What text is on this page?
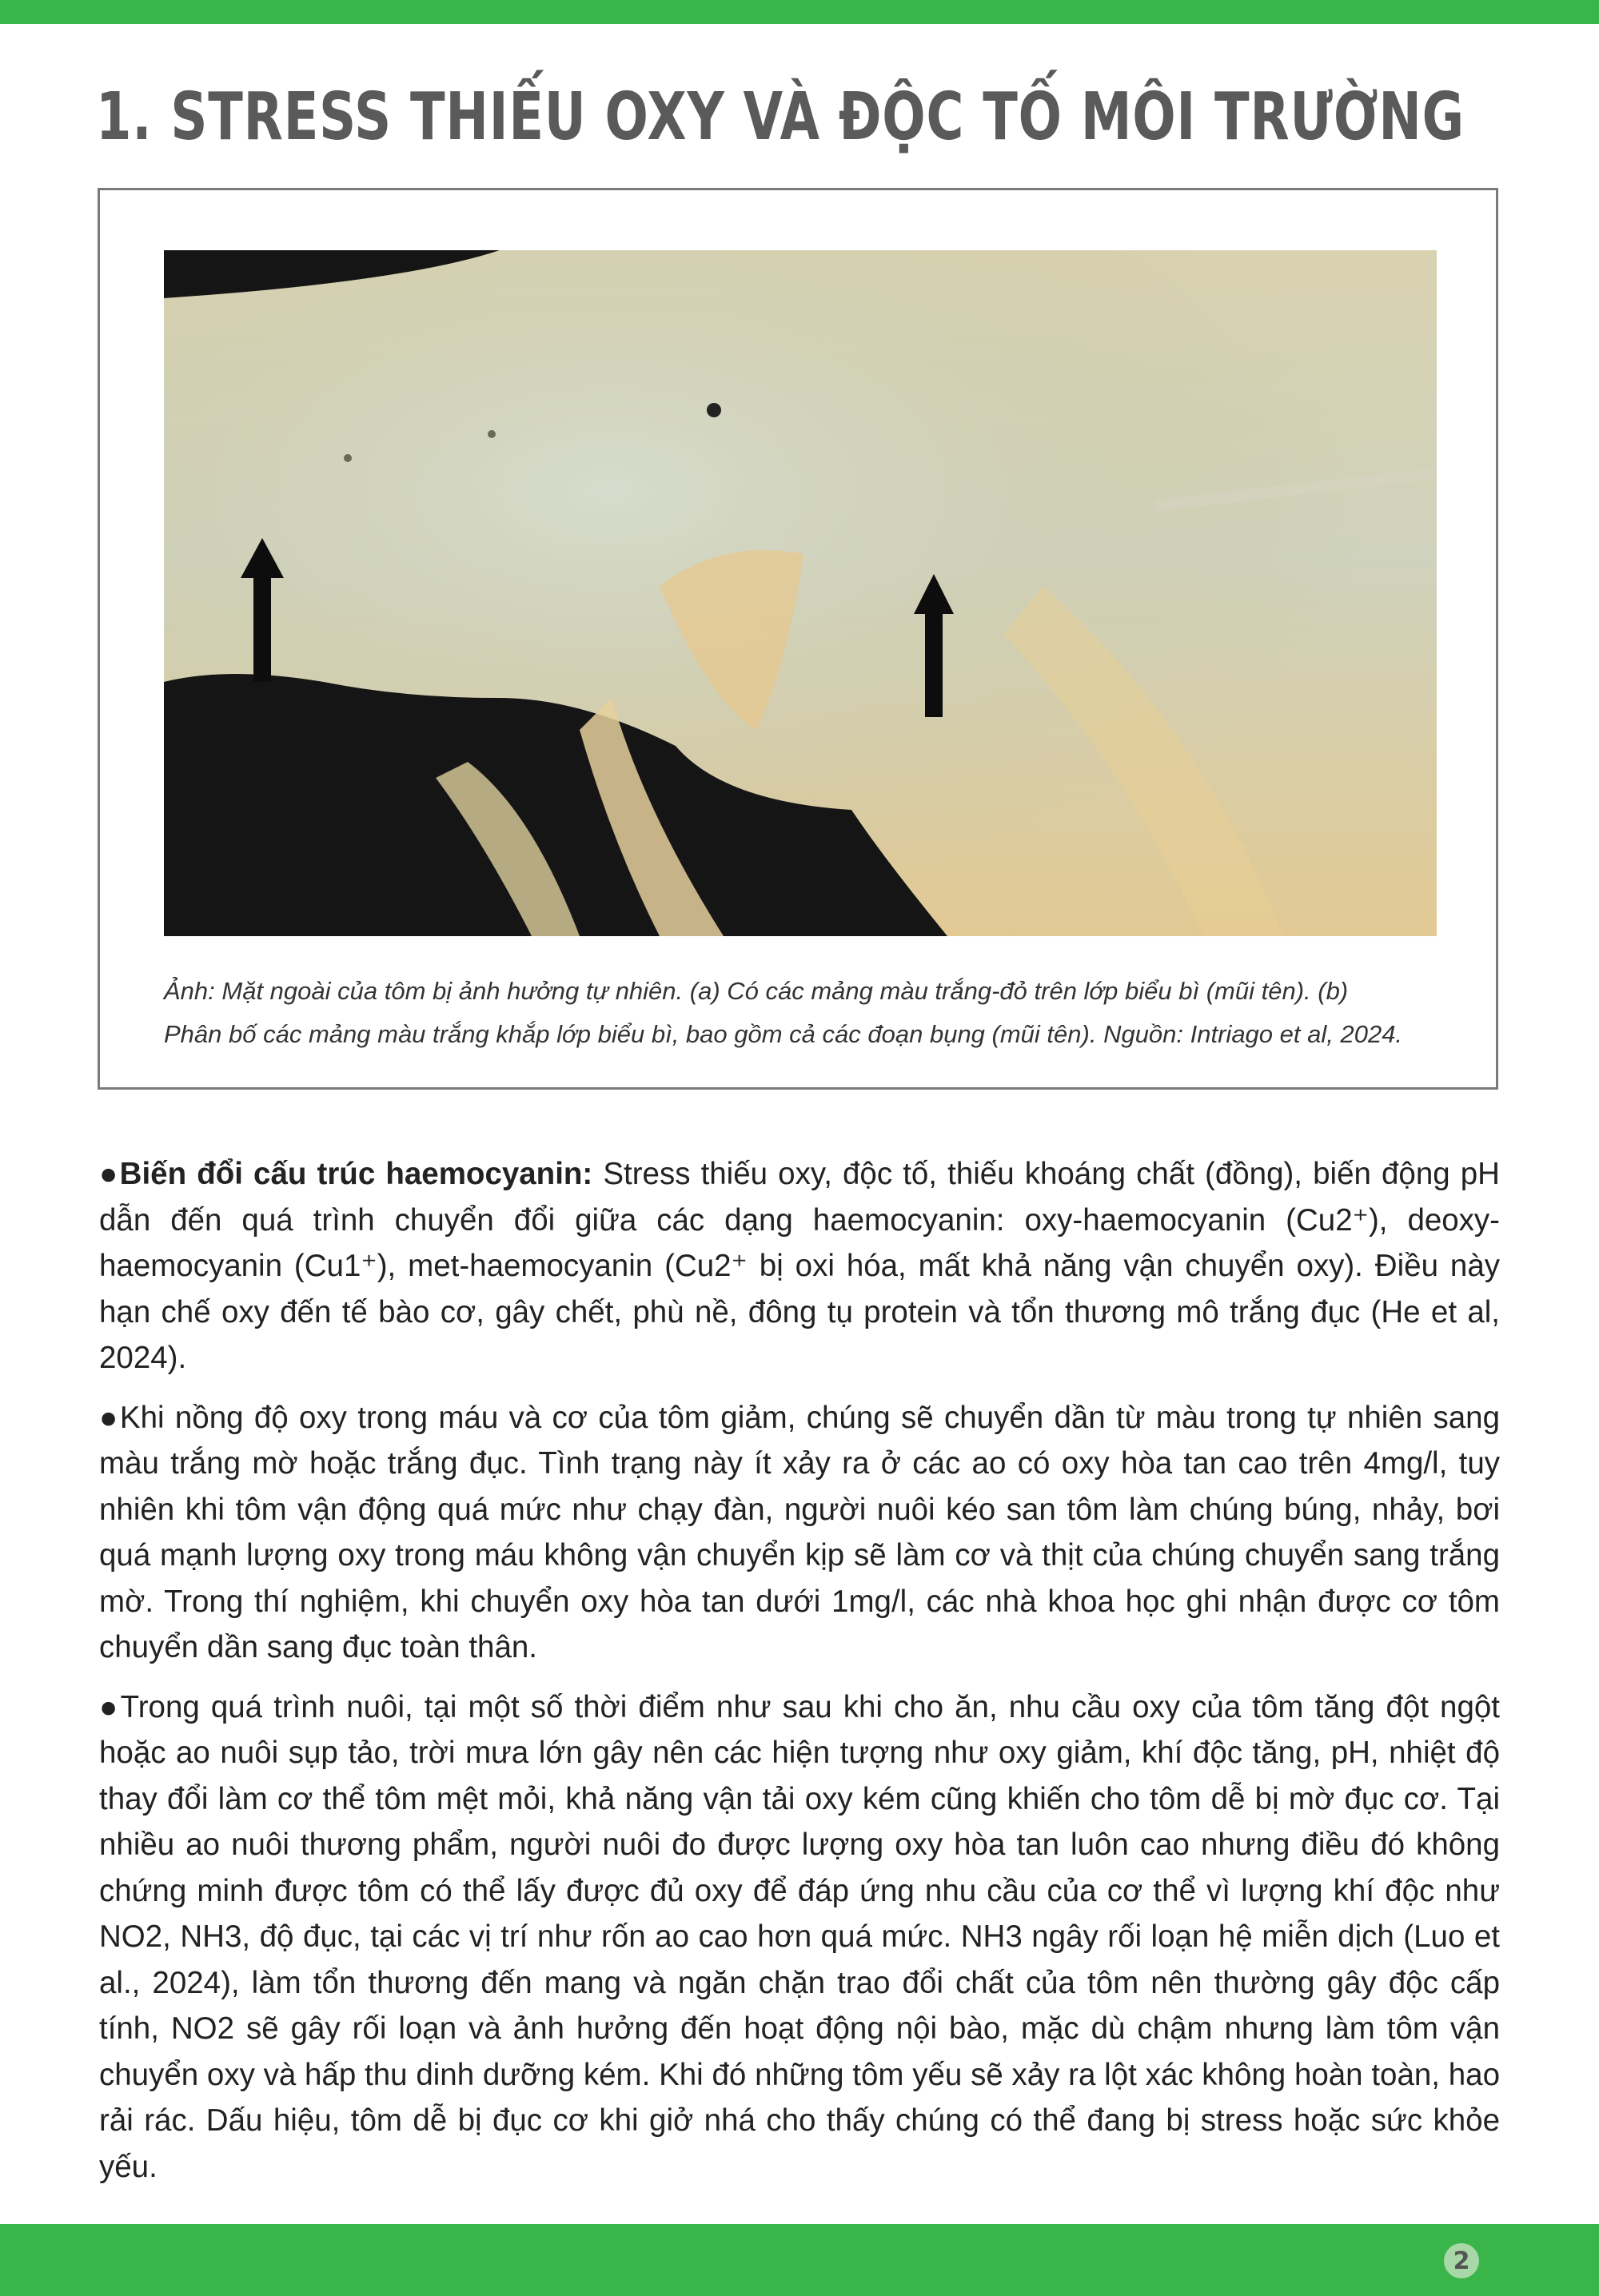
1. STRESS THIẾU OXY VÀ ĐỘC TỐ MÔI TRƯỜNG
Ảnh: Mặt ngoài của tôm bị ảnh hưởng tự nhiên. (a) Có các mảng màu trắng-đỏ trên lớp biểu bì (mũi tên). (b)
Phân bố các mảng màu trắng khắp lớp biểu bì, bao gồm cả các đoạn bụng (mũi tên). Nguồn: Intriago et al, 2024.

●Biến đổi cấu trúc haemocyanin: Stress thiếu oxy, độc tố, thiếu khoáng chất (đồng), biến động pH dẫn đến quá trình chuyển đổi giữa các dạng haemocyanin: oxy-haemocyanin (Cu2⁺), deoxy-haemocyanin (Cu1⁺), met-haemocyanin (Cu2⁺ bị oxi hóa, mất khả năng vận chuyển oxy). Điều này hạn chế oxy đến tế bào cơ, gây chết, phù nề, đông tụ protein và tổn thương mô trắng đục (He et al, 2024).

●Khi nồng độ oxy trong máu và cơ của tôm giảm, chúng sẽ chuyển dần từ màu trong tự nhiên sang màu trắng mờ hoặc trắng đục. Tình trạng này ít xảy ra ở các ao có oxy hòa tan cao trên 4mg/l, tuy nhiên khi tôm vận động quá mức như chạy đàn, người nuôi kéo san tôm làm chúng búng, nhảy, bơi quá mạnh lượng oxy trong máu không vận chuyển kịp sẽ làm cơ và thịt của chúng chuyển sang trắng mờ. Trong thí nghiệm, khi chuyển oxy hòa tan dưới 1mg/l, các nhà khoa học ghi nhận được cơ tôm chuyển dần sang đục toàn thân.

●Trong quá trình nuôi, tại một số thời điểm như sau khi cho ăn, nhu cầu oxy của tôm tăng đột ngột hoặc ao nuôi sụp tảo, trời mưa lớn gây nên các hiện tượng như oxy giảm, khí độc tăng, pH, nhiệt độ thay đổi làm cơ thể tôm mệt mỏi, khả năng vận tải oxy kém cũng khiến cho tôm dễ bị mờ đục cơ. Tại nhiều ao nuôi thương phẩm, người nuôi đo được lượng oxy hòa tan luôn cao nhưng điều đó không chứng minh được tôm có thể lấy được đủ oxy để đáp ứng nhu cầu của cơ thể vì lượng khí độc như NO2, NH3, độ đục, tại các vị trí như rốn ao cao hơn quá mức. NH3 ngây rối loạn hệ miễn dịch (Luo et al., 2024), làm tổn thương đến mang và ngăn chặn trao đổi chất của tôm nên thường gây độc cấp tính, NO2 sẽ gây rối loạn và ảnh hưởng đến hoạt động nội bào, mặc dù chậm nhưng làm tôm vận chuyển oxy và hấp thu dinh dưỡng kém. Khi đó những tôm yếu sẽ xảy ra lột xác không hoàn toàn, hao rải rác. Dấu hiệu, tôm dễ bị đục cơ khi giở nhá cho thấy chúng có thể đang bị stress hoặc sức khỏe yếu.

2
